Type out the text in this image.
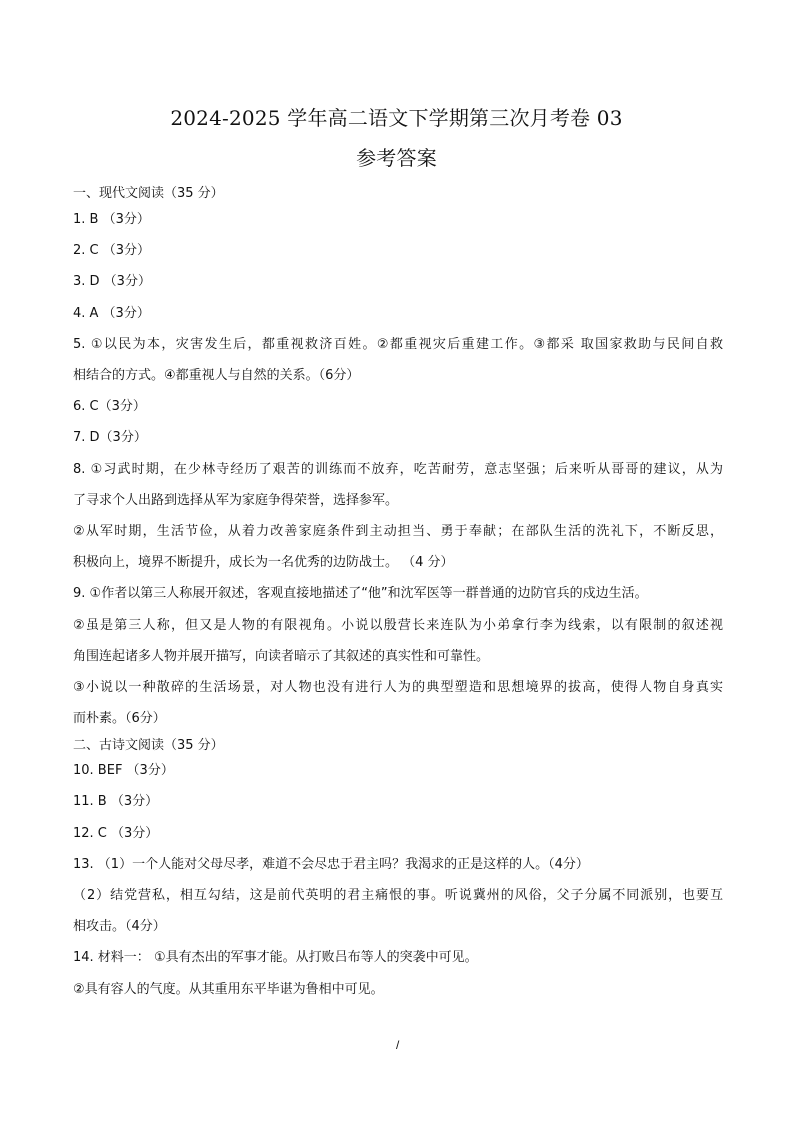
2024-2025 学年高二语文下学期第三次月考卷 03
参考答案
一、现代文阅读（35 分）
1. B （3分）
2. C （3分）
3. D （3分）
4. A （3分）
5. ①以民为本，灾害发生后，都重视救济百姓。②都重视灾后重建工作。③都采 取国家救助与民间自救
相结合的方式。④都重视人与自然的关系。（6分）
6. C（3分）
7. D（3分）
8. ①习武时期，在少林寺经历了艰苦的训练而不放弃，吃苦耐劳，意志坚强；后来听从哥哥的建议，从为
了寻求个人出路到选择从军为家庭争得荣誉，选择参军。
②从军时期，生活节俭，从着力改善家庭条件到主动担当、勇于奉献；在部队生活的洗礼下，不断反思，
积极向上，境界不断提升，成长为一名优秀的边防战士。 （4 分）
9. ①作者以第三人称展开叙述，客观直接地描述了“他”和沈军医等一群普通的边防官兵的戍边生活。
②虽是第三人称，但又是人物的有限视角。小说以殷营长来连队为小弟拿行李为线索，以有限制的叙述视
角围连起诸多人物并展开描写，向读者暗示了其叙述的真实性和可靠性。
③小说以一种散碎的生活场景，对人物也没有进行人为的典型塑造和思想境界的拔高，使得人物自身真实
而朴素。（6分）
二、古诗文阅读（35 分）
10. BEF （3分）
11. B （3分）
12. C （3分）
13. （1）一个人能对父母尽孝，难道不会尽忠于君主吗？我渴求的正是这样的人。（4分）
（2）结党营私，相互勾结，这是前代英明的君主痛恨的事。听说冀州的风俗，父子分属不同派别，也要互
相攻击。（4分）
14. 材料一： ①具有杰出的军事才能。从打败吕布等人的突袭中可见。
②具有容人的气度。从其重用东平毕谌为鲁相中可见。
/
